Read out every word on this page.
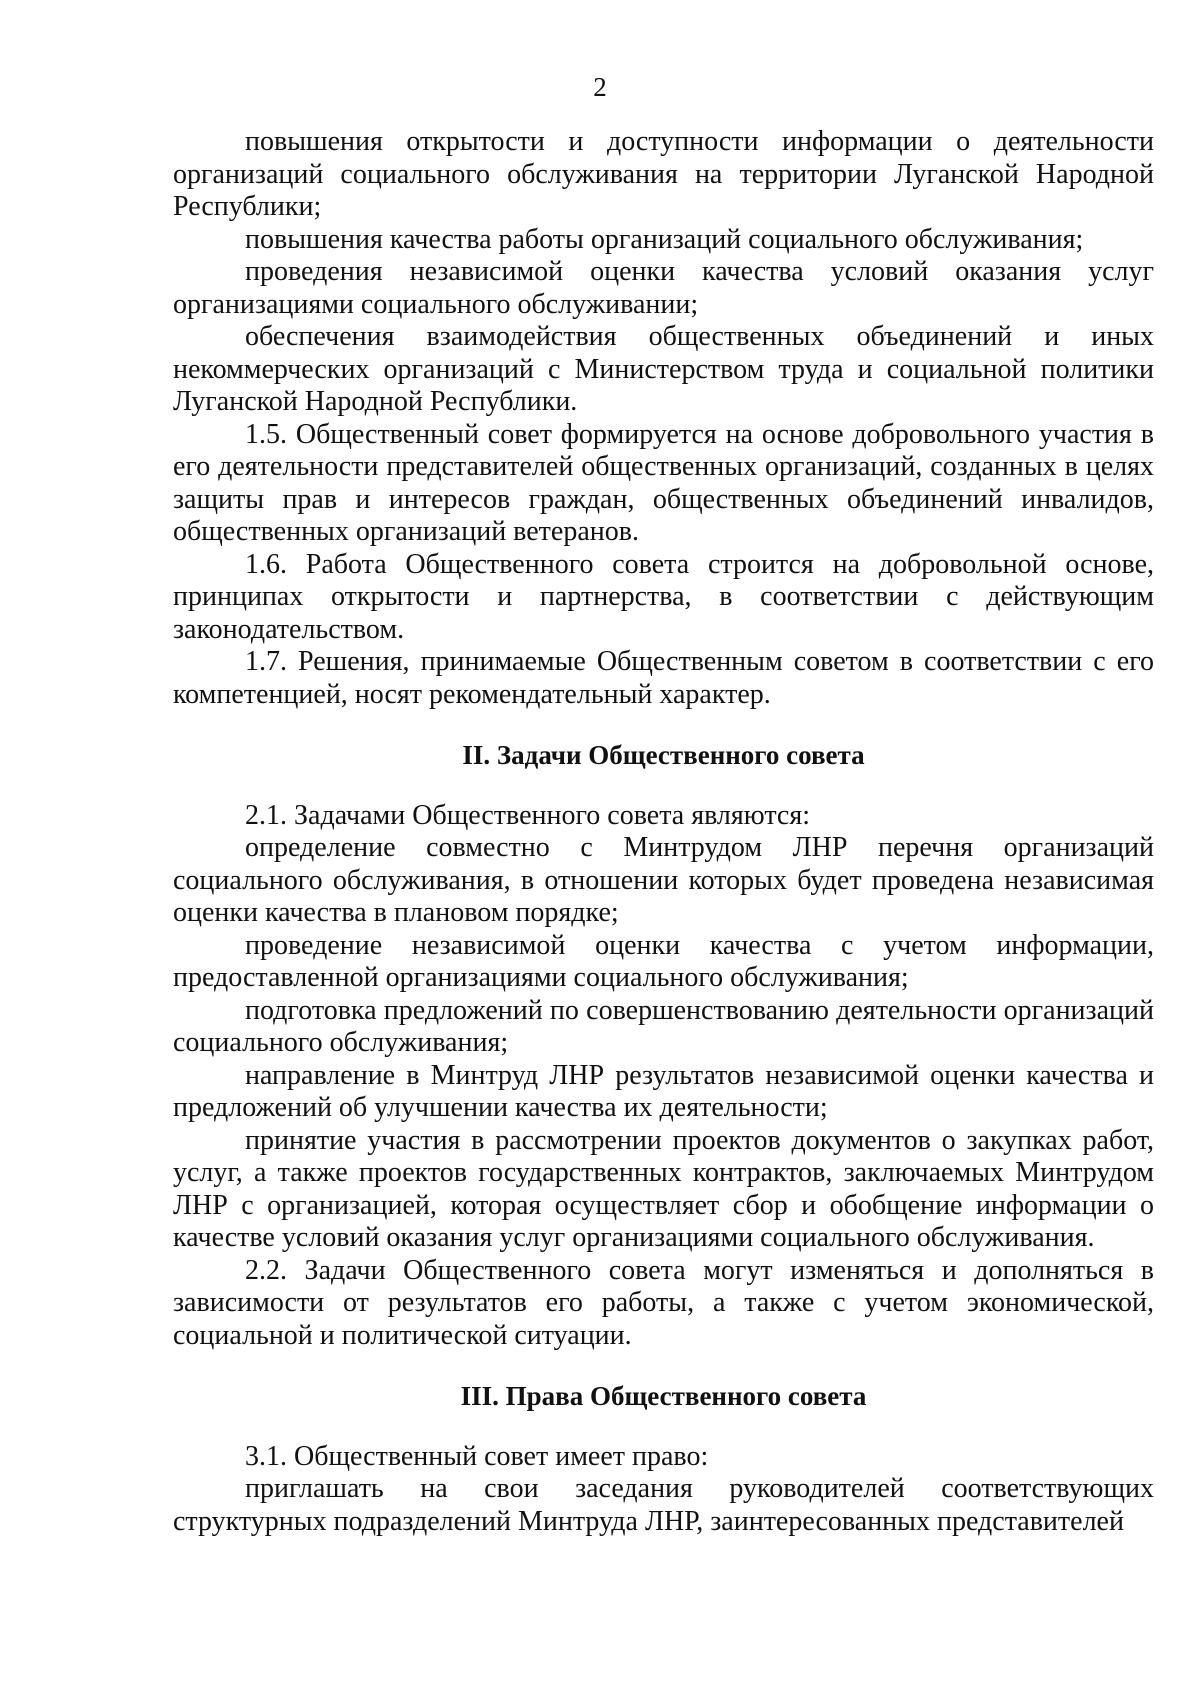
2

повышения открытости и доступности информации о деятельности организаций социального обслуживания на территории Луганской Народной Республики;

повышения качества работы организаций социального обслуживания;

проведения независимой оценки качества условий оказания услуг организациями социального обслуживании;

обеспечения взаимодействия общественных объединений и иных некоммерческих организаций с Министерством труда и социальной политики Луганской Народной Республики.

1.5. Общественный совет формируется на основе добровольного участия в его деятельности представителей общественных организаций, созданных в целях защиты прав и интересов граждан, общественных объединений инвалидов, общественных организаций ветеранов.

1.6. Работа Общественного совета строится на добровольной основе, принципах открытости и партнерства, в соответствии с действующим законодательством.

1.7. Решения, принимаемые Общественным советом в соответствии с его компетенцией, носят рекомендательный характер.

II. Задачи Общественного совета

2.1. Задачами Общественного совета являются:

определение совместно с Минтрудом ЛНР перечня организаций социального обслуживания, в отношении которых будет проведена независимая оценки качества в плановом порядке;

проведение независимой оценки качества с учетом информации, предоставленной организациями социального обслуживания;

подготовка предложений по совершенствованию деятельности организаций социального обслуживания;

направление в Минтруд ЛНР результатов независимой оценки качества и предложений об улучшении качества их деятельности;

принятие участия в рассмотрении проектов документов о закупках работ, услуг, а также проектов государственных контрактов, заключаемых Минтрудом ЛНР с организацией, которая осуществляет сбор и обобщение информации о качестве условий оказания услуг организациями социального обслуживания.

2.2. Задачи Общественного совета могут изменяться и дополняться в зависимости от результатов его работы, а также с учетом экономической, социальной и политической ситуации.

III. Права Общественного совета

3.1. Общественный совет имеет право:

приглашать на свои заседания руководителей соответствующих структурных подразделений Минтруда ЛНР, заинтересованных представителей
